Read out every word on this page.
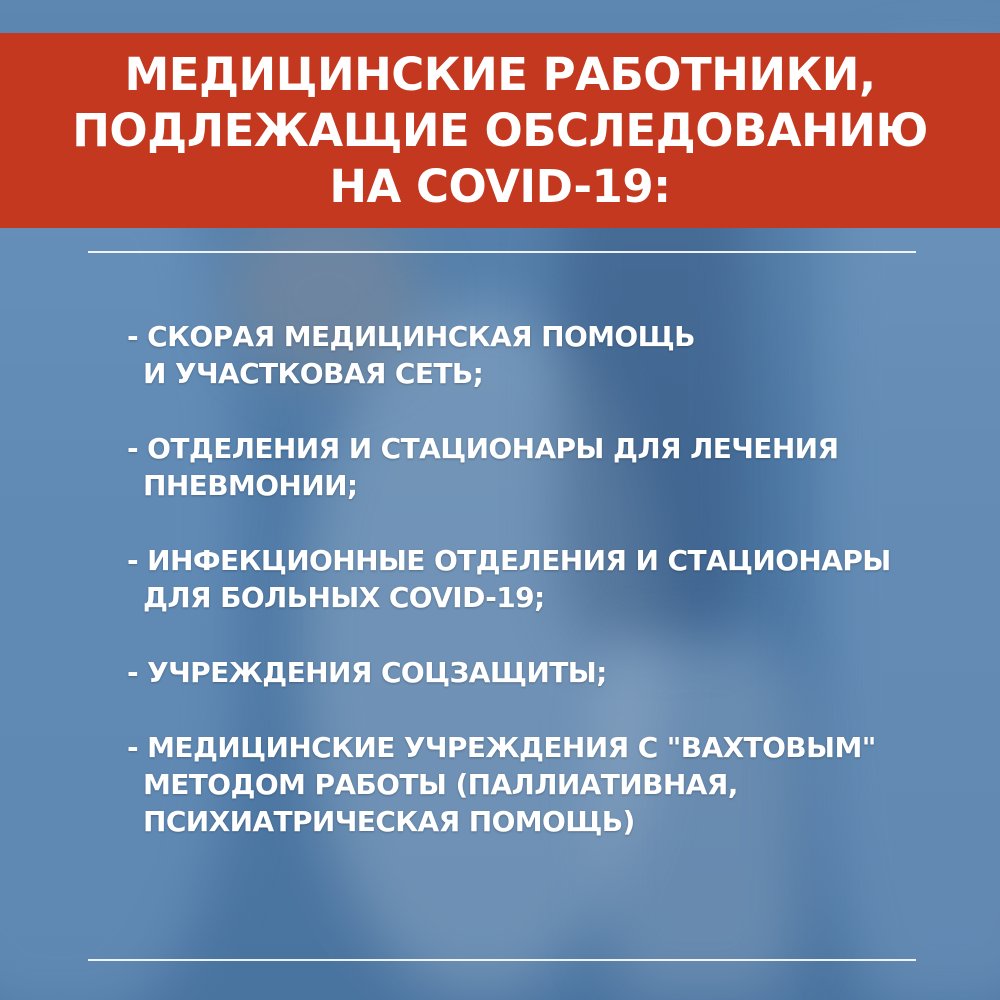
МЕДИЦИНСКИЕ РАБОТНИКИ,
ПОДЛЕЖАЩИЕ ОБСЛЕДОВАНИЮ
НА COVID-19:
- СКОРАЯ МЕДИЦИНСКАЯ ПОМОЩЬ
И УЧАСТКОВАЯ СЕТЬ;
- ОТДЕЛЕНИЯ И СТАЦИОНАРЫ ДЛЯ ЛЕЧЕНИЯ
ПНЕВМОНИИ;
- ИНФЕКЦИОННЫЕ ОТДЕЛЕНИЯ И СТАЦИОНАРЫ
ДЛЯ БОЛЬНЫХ COVID-19;
- УЧРЕЖДЕНИЯ СОЦЗАЩИТЫ;
- МЕДИЦИНСКИЕ УЧРЕЖДЕНИЯ С "ВАХТОВЫМ"
МЕТОДОМ РАБОТЫ (ПАЛЛИАТИВНАЯ,
ПСИХИАТРИЧЕСКАЯ ПОМОЩЬ)
